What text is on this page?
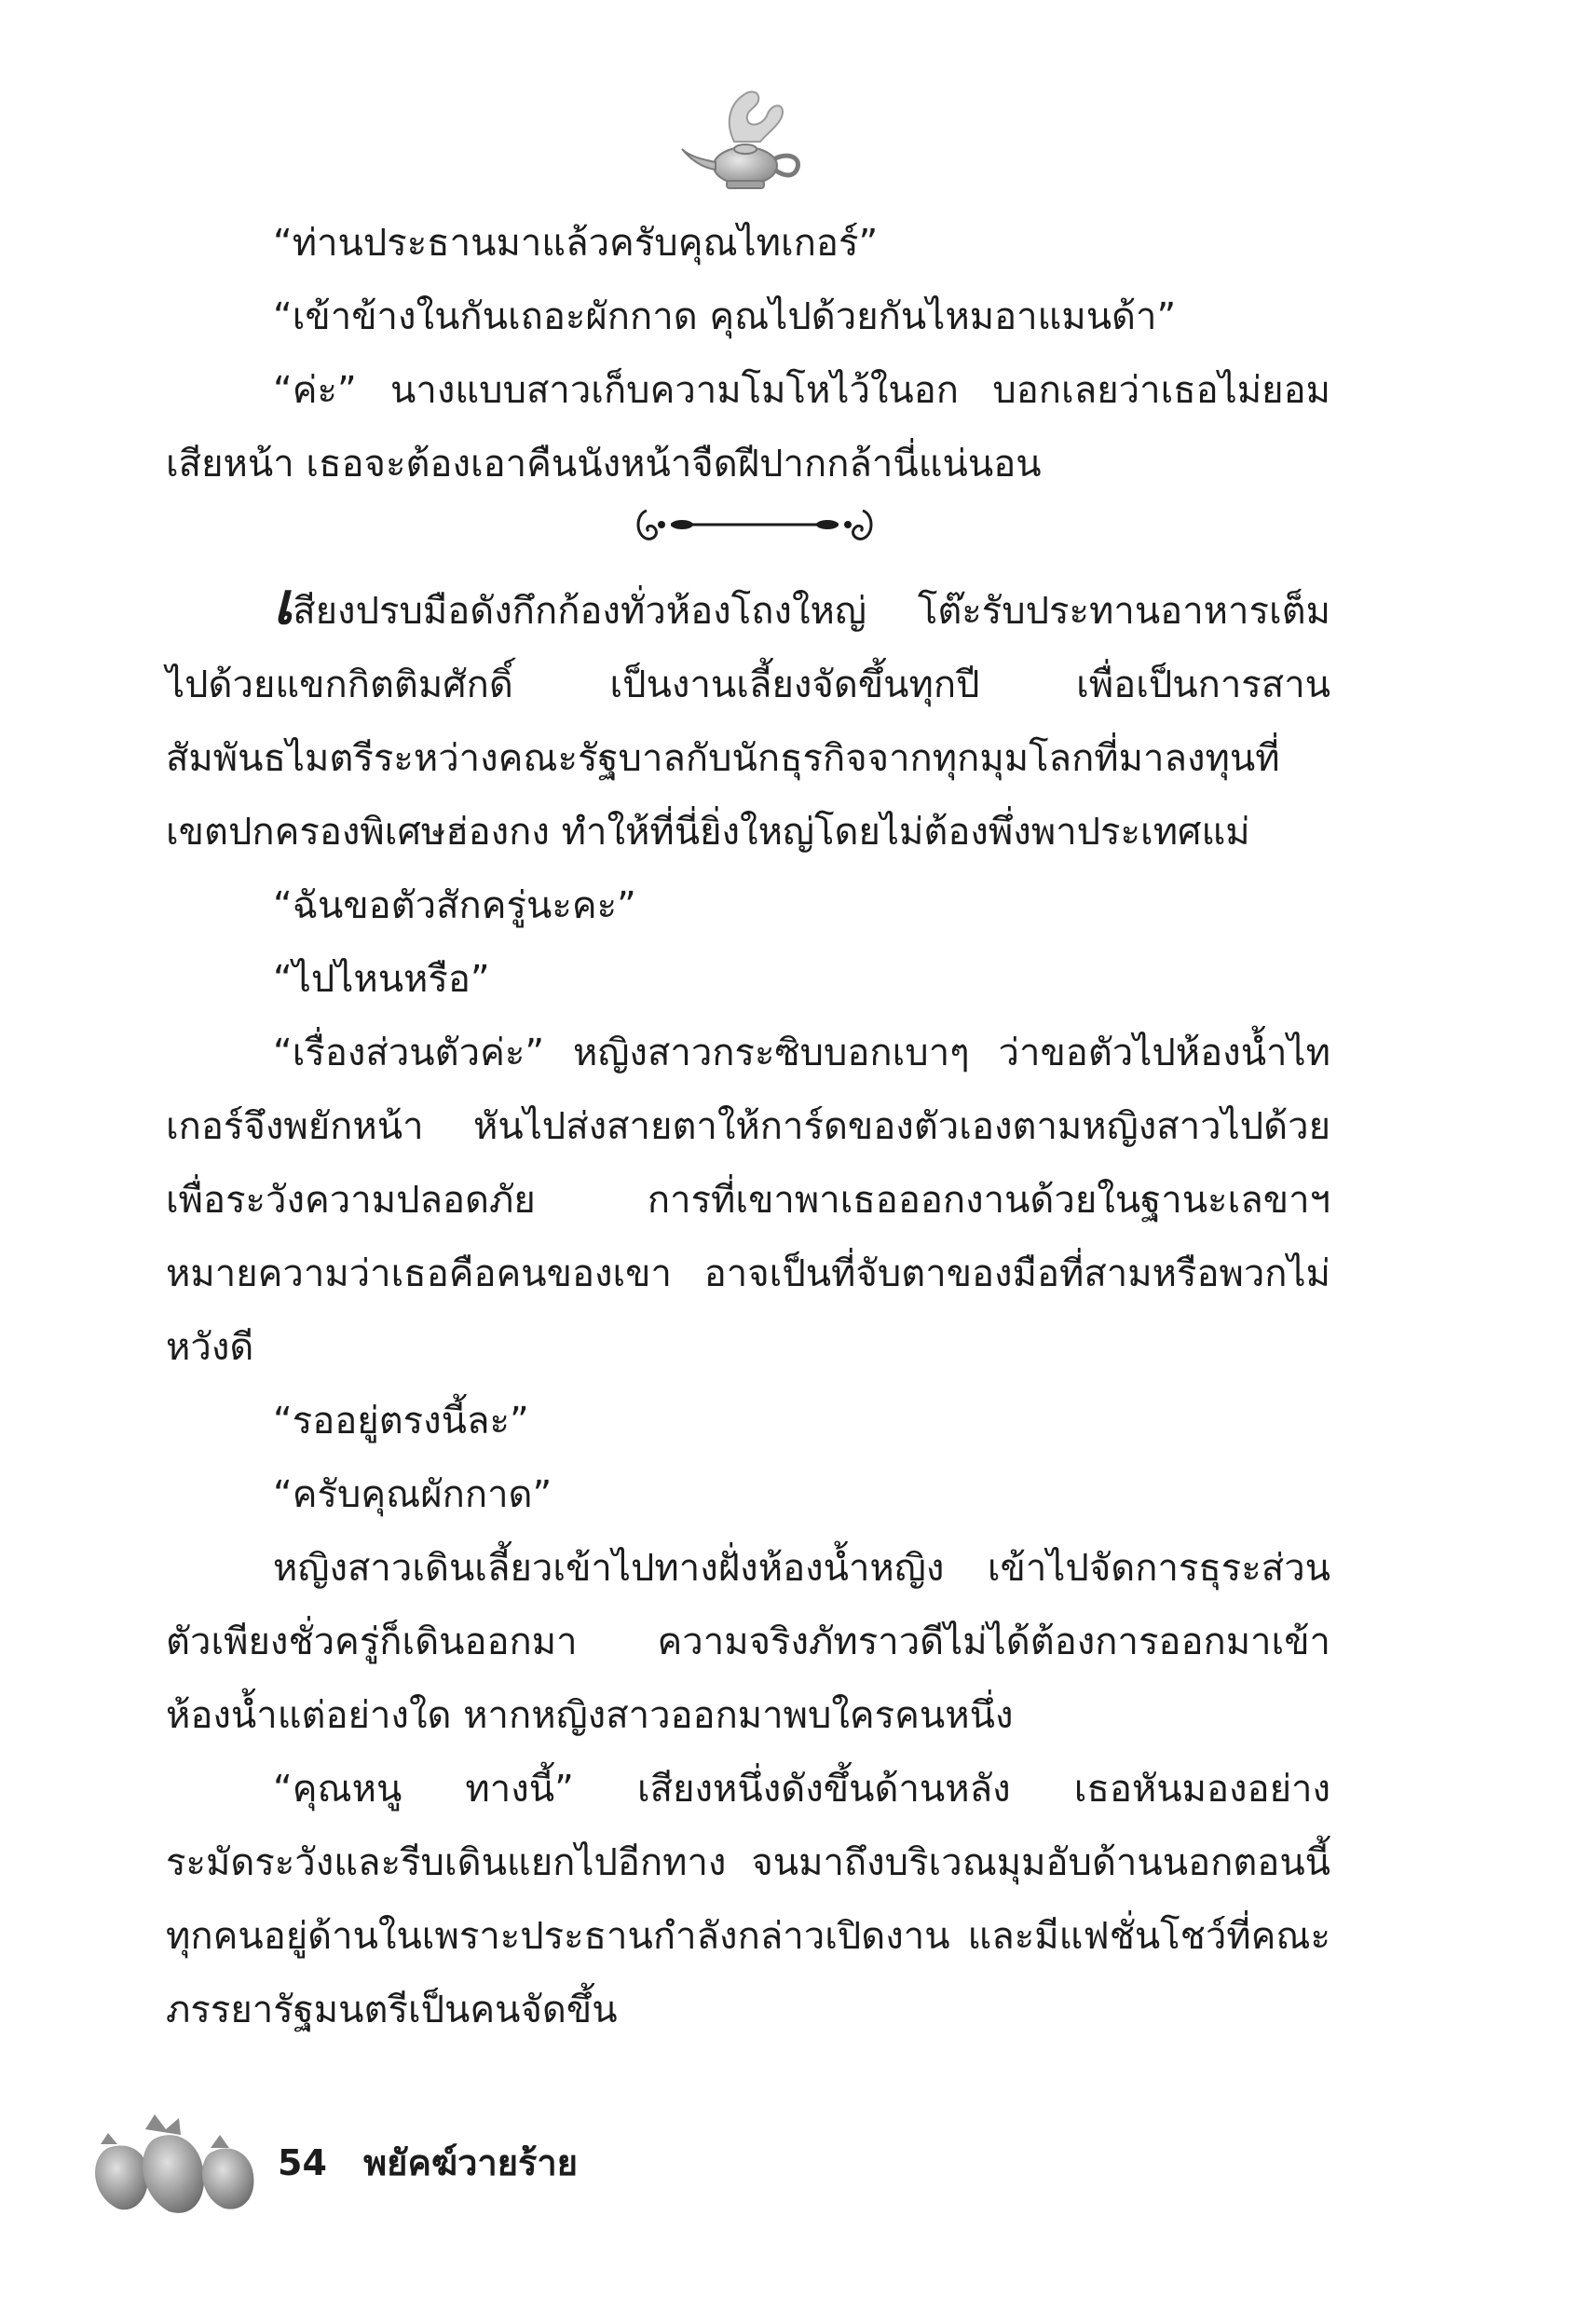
“ท่านประธานมาแล้วครับคุณไทเกอร์”

“เข้าข้างในกันเถอะผักกาด คุณไปด้วยกันไหมอาแมนด้า”

“ค่ะ” นางแบบสาวเก็บความโมโหไว้ในอก บอกเลยว่าเธอไม่ยอมเสียหน้า เธอจะต้องเอาคืนนังหน้าจืดฝีปากกล้านี่แน่นอน

เสียงปรบมือดังกึกก้องทั่วห้องโถงใหญ่ โต๊ะรับประทานอาหารเต็มไปด้วยแขกกิตติมศักดิ์ เป็นงานเลี้ยงจัดขึ้นทุกปี เพื่อเป็นการสานสัมพันธไมตรีระหว่างคณะรัฐบาลกับนักธุรกิจจากทุกมุมโลกที่มาลงทุนที่เขตปกครองพิเศษฮ่องกง ทำให้ที่นี่ยิ่งใหญ่โดยไม่ต้องพึ่งพาประเทศแม่

“ฉันขอตัวสักครู่นะคะ”

“ไปไหนหรือ”

“เรื่องส่วนตัวค่ะ” หญิงสาวกระซิบบอกเบาๆ ว่าขอตัวไปห้องน้ำไทเกอร์จึงพยักหน้า หันไปส่งสายตาให้การ์ดของตัวเองตามหญิงสาวไปด้วยเพื่อระวังความปลอดภัย การที่เขาพาเธอออกงานด้วยในฐานะเลขาฯ หมายความว่าเธอคือคนของเขา อาจเป็นที่จับตาของมือที่สามหรือพวกไม่หวังดี

“รออยู่ตรงนี้ละ”

“ครับคุณผักกาด”

หญิงสาวเดินเลี้ยวเข้าไปทางฝั่งห้องน้ำหญิง เข้าไปจัดการธุระส่วนตัวเพียงชั่วครู่ก็เดินออกมา ความจริงภัทราวดีไม่ได้ต้องการออกมาเข้าห้องน้ำแต่อย่างใด หากหญิงสาวออกมาพบใครคนหนึ่ง

“คุณหนู ทางนี้” เสียงหนึ่งดังขึ้นด้านหลัง เธอหันมองอย่างระมัดระวังและรีบเดินแยกไปอีกทาง จนมาถึงบริเวณมุมอับด้านนอกตอนนี้ทุกคนอยู่ด้านในเพราะประธานกำลังกล่าวเปิดงาน และมีแฟชั่นโชว์ที่คณะภรรยารัฐมนตรีเป็นคนจัดขึ้น

54 พยัคฆ์วายร้าย
